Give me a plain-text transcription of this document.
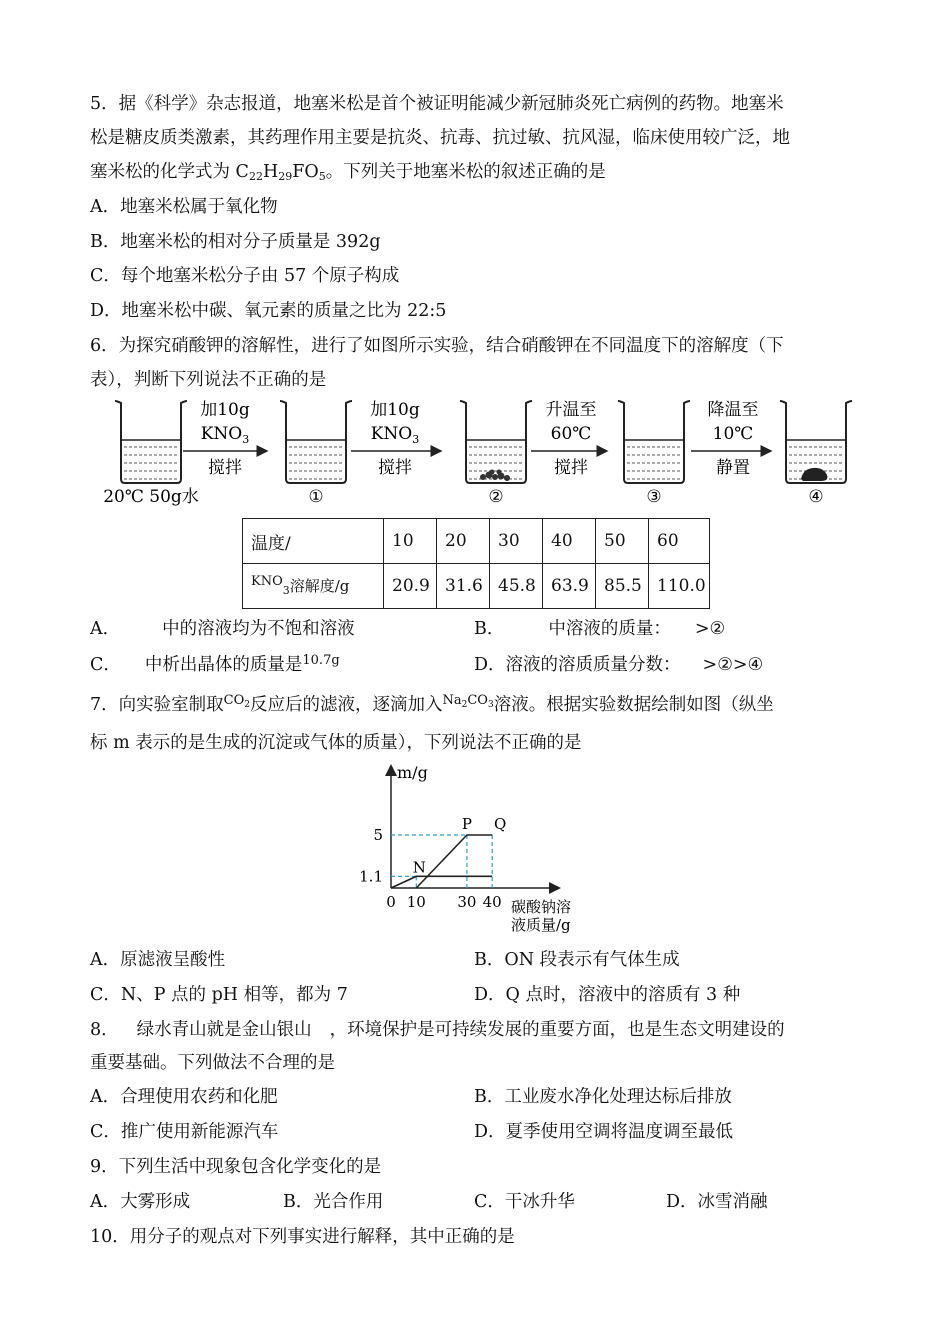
5．据《科学》杂志报道，地塞米松是首个被证明能减少新冠肺炎死亡病例的药物。地塞米
松是糖皮质类激素，其药理作用主要是抗炎、抗毒、抗过敏、抗风湿，临床使用较广泛，地
塞米松的化学式为 $C_{22}H_{29}FO_5$。下列关于地塞米松的叙述正确的是
A．地塞米松属于氧化物
B．地塞米松的相对分子质量是 392g
C．每个地塞米松分子由 57 个原子构成
D．地塞米松中碳、氧元素的质量之比为 22:5
6．为探究硝酸钾的溶解性，进行了如图所示实验，结合硝酸钾在不同温度下的溶解度（下
表），判断下列说法不正确的是
加10g
$KNO_3$
搅拌
加10g
$KNO_3$
搅拌
升温至
60℃
搅拌
降温至
10℃
静置
20℃ 50g水	①	②	③	④
温度/	10	20	30	40	50	60
$KNO_3$溶解度/g	20.9	31.6	45.8	63.9	85.5	110.0
A． 中的溶液均为不饱和溶液	B．	中溶液的质量： >②
C． 中析出晶体的质量是$^{10.7g}$	D．溶液的溶质质量分数： >②>④
7．向实验室制取$^{CO}$2反应后的滤液，逐滴加入$^{Na}2^{CO}3$溶液。根据实验数据绘制如图（纵坐
标 m 表示的是生成的沉淀或气体的质量），下列说法不正确的是
m/g
碳酸钠溶
液质量/g
5
1.1
0 10 30 40
N
P Q
A．原滤液呈酸性	B．ON 段表示有气体生成
C．N、P 点的 pH 相等，都为 7	D．Q 点时，溶液中的溶质有 3 种
8． 绿水青山就是金山银山 ，环境保护是可持续发展的重要方面，也是生态文明建设的
重要基础。下列做法不合理的是
A．合理使用农药和化肥	B．工业废水净化处理达标后排放
C．推广使用新能源汽车	D．夏季使用空调将温度调至最低
9．下列生活中现象包含化学变化的是
A．大雾形成	B．光合作用	C．干冰升华	D．冰雪消融
10．用分子的观点对下列事实进行解释，其中正确的是
